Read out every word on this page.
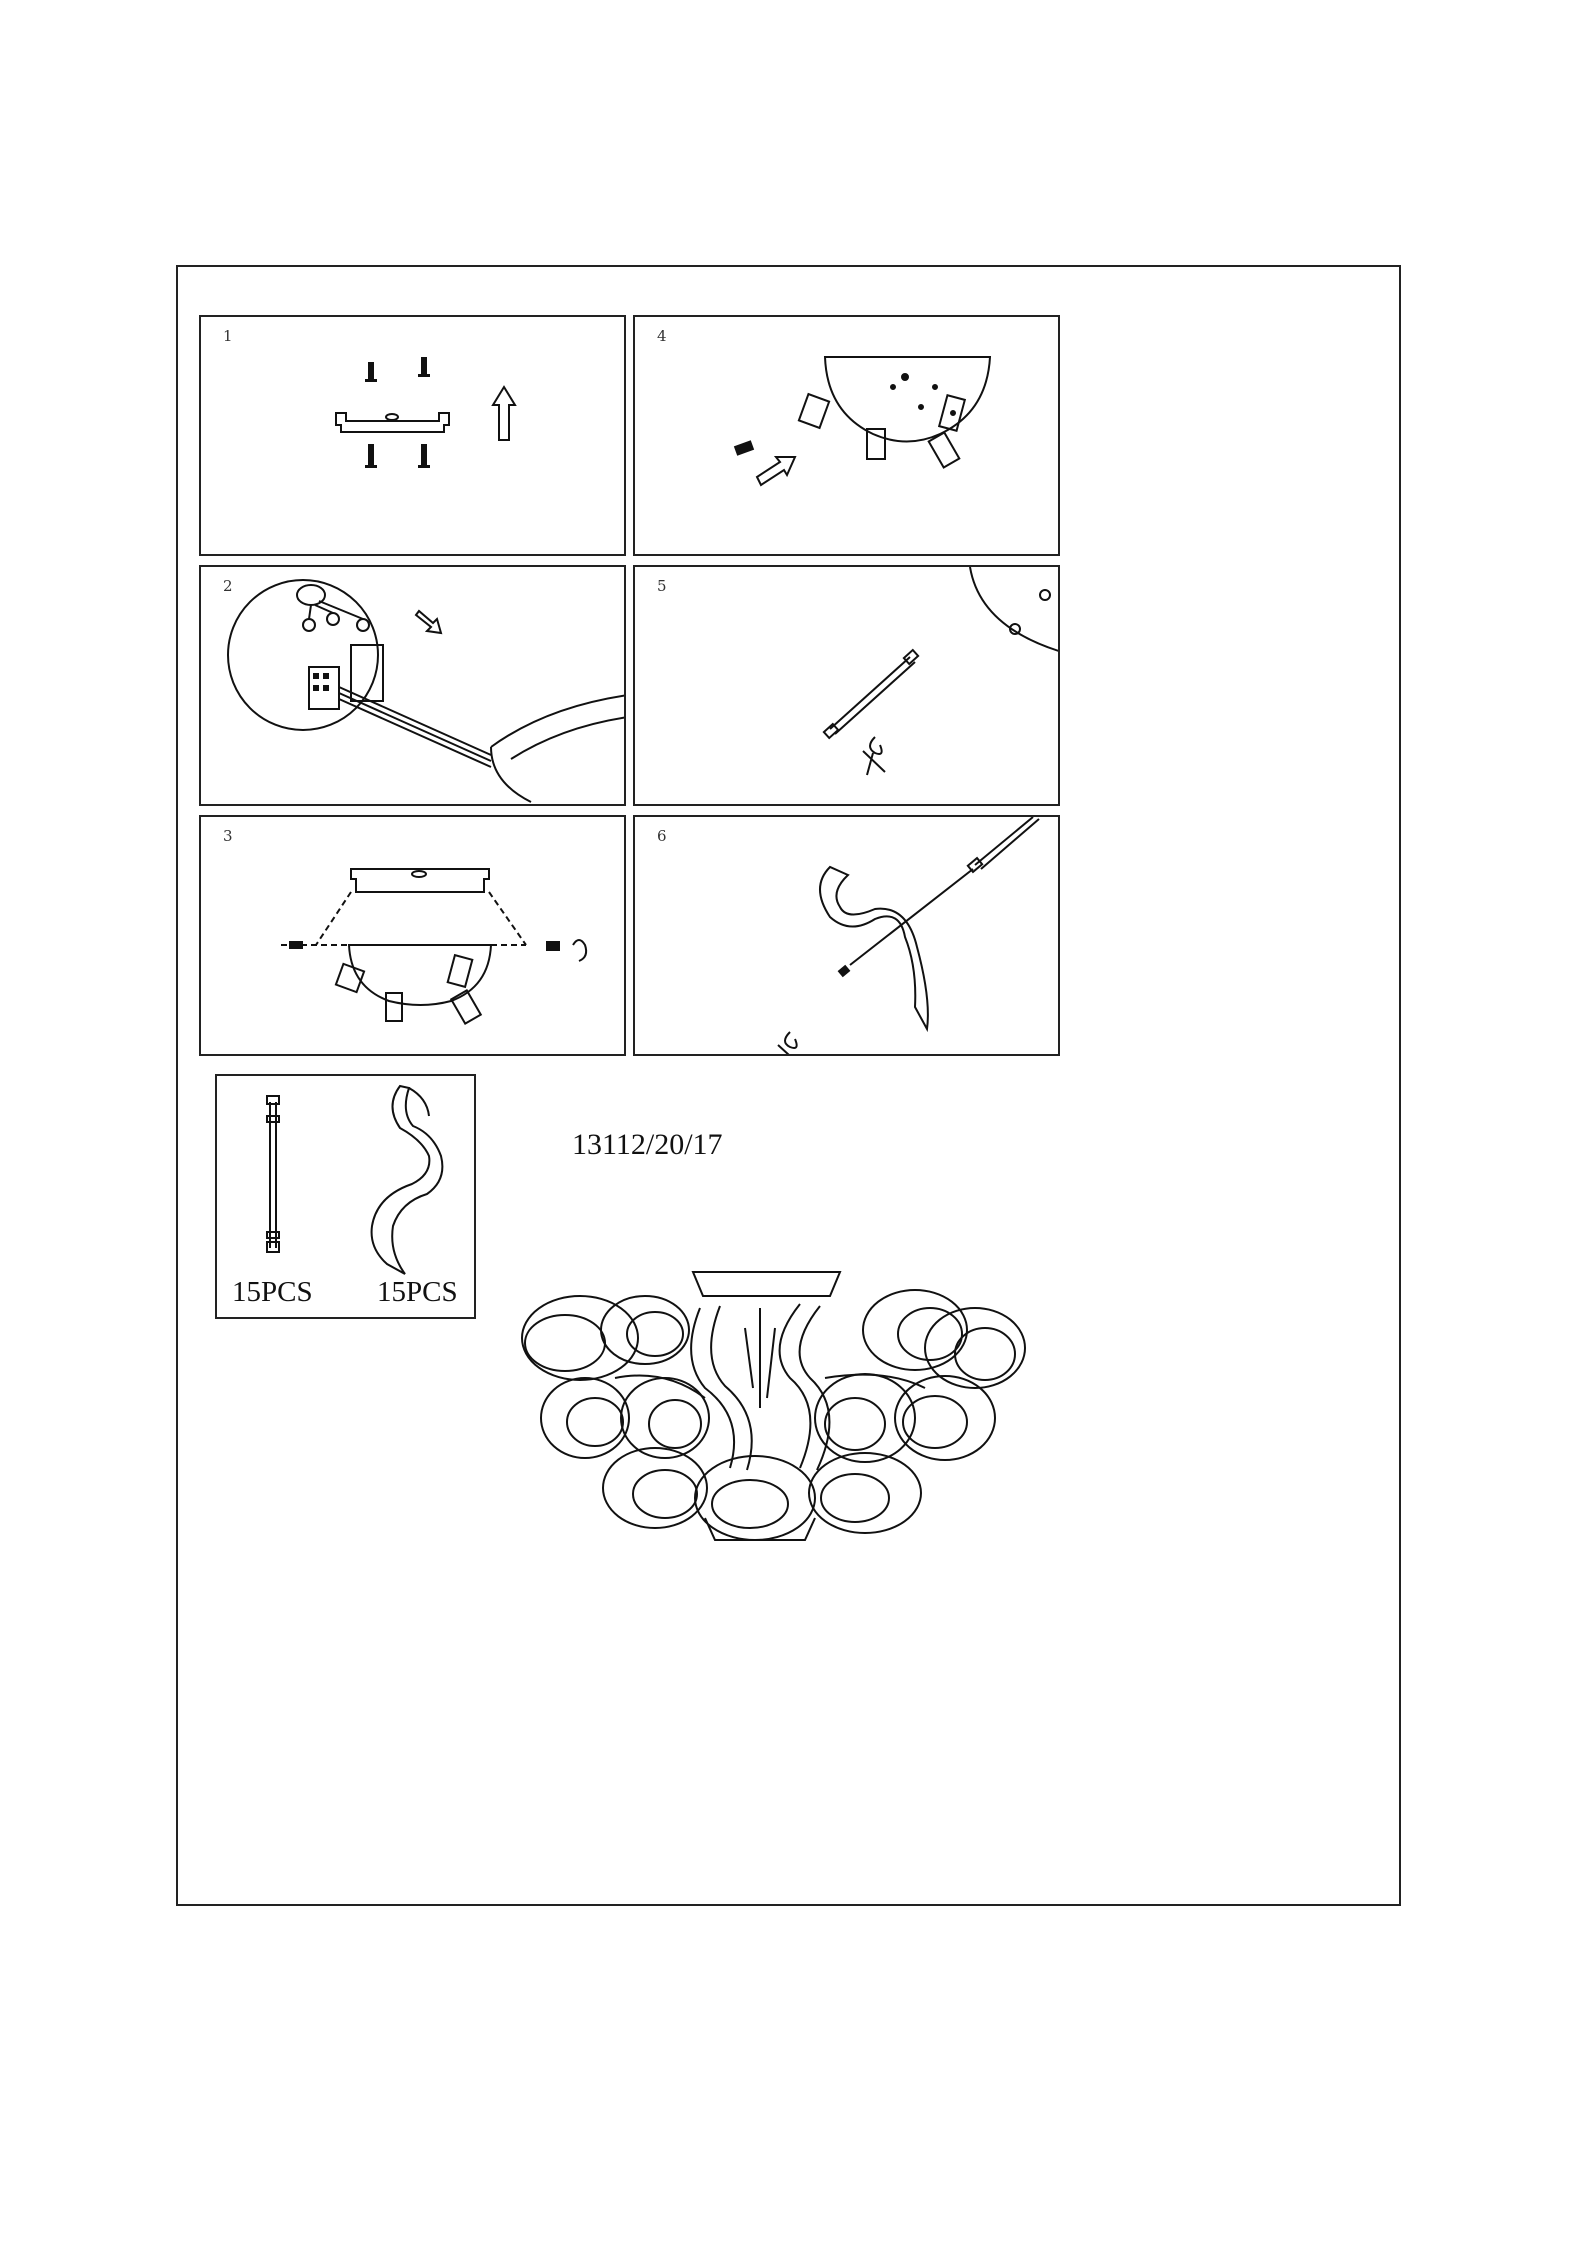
1	4
2	5
3	6
15PCS 15PCS
13112/20/17
